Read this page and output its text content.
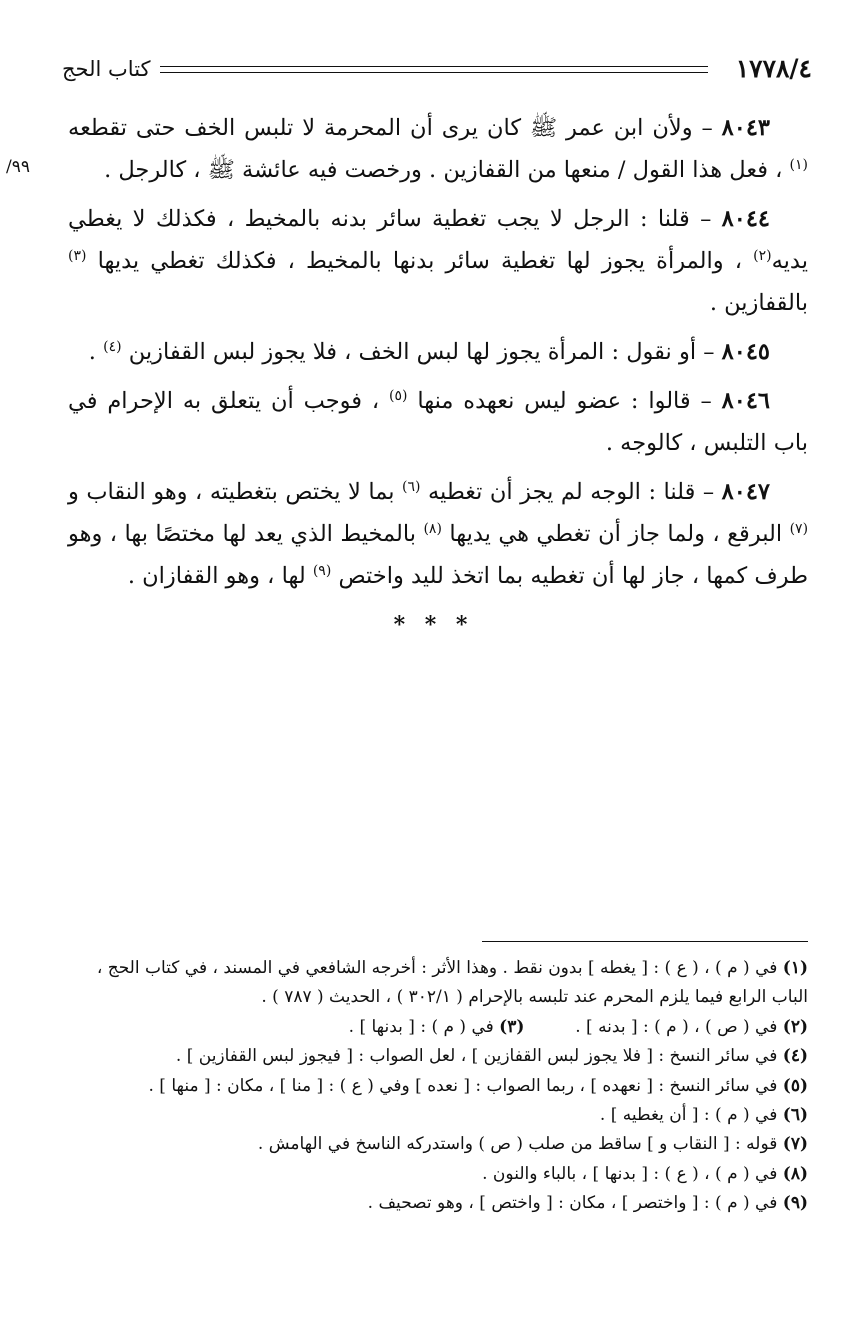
كتاب الحج	١٧٧٨/٤
/٩٩

٨٠٤٣ – ولأن ابن عمر ﷺ كان يرى أن المحرمة لا تلبس الخف حتى تقطعه $^{(١)}$ ، فعل هذا القول / منعها من القفازين . ورخصت فيه عائشة ﷺ ، كالرجل .

٨٠٤٤ – قلنا : الرجل لا يجب تغطية سائر بدنه بالمخيط ، فكذلك لا يغطي يديه$^{(٢)}$ ، والمرأة يجوز لها تغطية سائر بدنها بالمخيط ، فكذلك تغطي يديها $^{(٣)}$ بالقفازين .

٨٠٤٥ – أو نقول : المرأة يجوز لها لبس الخف ، فلا يجوز لبس القفازين $^{(٤)}$ .

٨٠٤٦ – قالوا : عضو ليس نعهده منها $^{(٥)}$ ، فوجب أن يتعلق به الإحرام في باب التلبس ، كالوجه .

٨٠٤٧ – قلنا : الوجه لم يجز أن تغطيه $^{(٦)}$ بما لا يختص بتغطيته ، وهو النقاب و $^{(٧)}$ البرقع ، ولما جاز أن تغطي هي يديها $^{(٨)}$ بالمخيط الذي يعد لها مختصًا بها ، وهو طرف كمها ، جاز لها أن تغطيه بما اتخذ لليد واختص $^{(٩)}$ لها ، وهو القفازان .

* * *

(١) في ( م ) ، ( ع ) : [ يغطه ] بدون نقط . وهذا الأثر : أخرجه الشافعي في المسند ، في كتاب الحج ،

الباب الرابع فيما يلزم المحرم عند تلبسه بالإحرام ( ٣٠٢/١ ) ، الحديث ( ٧٨٧ ) .

(٢) في ( ص ) ، ( م ) : [ بدنه ] .  (٣) في ( م ) : [ بدنها ] .

(٤) في سائر النسخ : [ فلا يجوز لبس القفازين ] ، لعل الصواب : [ فيجوز لبس القفازين ] .

(٥) في سائر النسخ : [ نعهده ] ، ربما الصواب : [ نعده ] وفي ( ع ) : [ منا ] ، مكان : [ منها ] .

(٦) في ( م ) : [ أن يغطيه ] .

(٧) قوله : [ النقاب و ] ساقط من صلب ( ص ) واستدركه الناسخ في الهامش .

(٨) في ( م ) ، ( ع ) : [ بدنها ] ، بالباء والنون .

(٩) في ( م ) : [ واختصر ] ، مكان : [ واختص ] ، وهو تصحيف .
